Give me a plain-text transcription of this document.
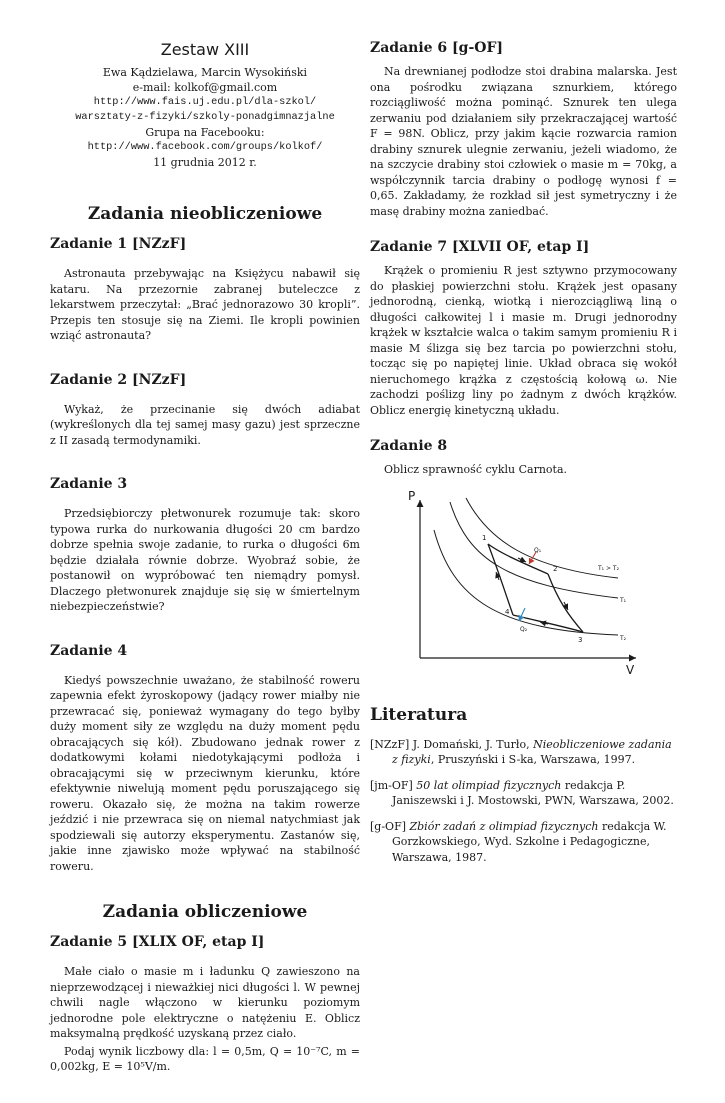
Zestaw XIII
Ewa Kądzielawa, Marcin Wysokiński
e-mail: kolkof@gmail.com
http://www.fais.uj.edu.pl/dla-szkol/
warsztaty-z-fizyki/szkoly-ponadgimnazjalne
Grupa na Facebooku:
http://www.facebook.com/groups/kolkof/
11 grudnia 2012 r.
Zadania nieobliczeniowe
Zadanie 1 [NZzF]

Astronauta przebywając na Księżycu nabawił się kataru. Na przezornie zabranej buteleczce z lekarstwem przeczytał: „Brać jednorazowo 30 kropli”. Przepis ten stosuje się na Ziemi. Ile kropli powinien wziąć astronauta?

Zadanie 2 [NZzF]

Wykaż, że przecinanie się dwóch adiabat (wykreślonych dla tej samej masy gazu) jest sprzeczne z II zasadą termodynamiki.

Zadanie 3

Przedsiębiorczy płetwonurek rozumuje tak: skoro typowa rurka do nurkowania długości 20 cm bardzo dobrze spełnia swoje zadanie, to rurka o długości 6m będzie działała równie dobrze. Wyobraź sobie, że postanowił on wypróbować ten niemądry pomysł. Dlaczego płetwonurek znajduje się się w śmiertelnym niebezpieczeństwie?

Zadanie 4

Kiedyś powszechnie uważano, że stabilność roweru zapewnia efekt żyroskopowy (jadący rower miałby nie przewracać się, ponieważ wymagany do tego byłby duży moment siły ze względu na duży moment pędu obracających się kół). Zbudowano jednak rower z dodatkowymi kołami niedotykającymi podłoża i obracającymi się w przeciwnym kierunku, które efektywnie niwelują moment pędu poruszającego się roweru. Okazało się, że można na takim rowerze jeździć i nie przewraca się on niemal natychmiast jak spodziewali się autorzy eksperymentu. Zastanów się, jakie inne zjawisko może wpływać na stabilność roweru.

Zadania obliczeniowe
Zadanie 5 [XLIX OF, etap I]

Małe ciało o masie m i ładunku Q zawieszono na nieprzewodzącej i nieważkiej nici długości l. W pewnej chwili nagle włączono w kierunku poziomym jednorodne pole elektryczne o natężeniu E. Oblicz maksymalną prędkość uzyskaną przez ciało.

Podaj wynik liczbowy dla: l = 0,5m, Q = 10⁻⁷C, m = 0,002kg, E = 10⁵V/m.

Zadanie 6 [g-OF]

Na drewnianej podłodze stoi drabina malarska. Jest ona pośrodku związana sznurkiem, którego rozciągliwość można pominąć. Sznurek ten ulega zerwaniu pod działaniem siły przekraczającej wartość F = 98N. Oblicz, przy jakim kącie rozwarcia ramion drabiny sznurek ulegnie zerwaniu, jeżeli wiadomo, że na szczycie drabiny stoi człowiek o masie m = 70kg, a współczynnik tarcia drabiny o podłogę wynosi f = 0,65. Zakładamy, że rozkład sił jest symetryczny i że masę drabiny można zaniedbać.

Zadanie 7 [XLVII OF, etap I]

Krążek o promieniu R jest sztywno przymocowany do płaskiej powierzchni stołu. Krążek jest opasany jednorodną, cienką, wiotką i nierozciągliwą liną o długości całkowitej l i masie m. Drugi jednorodny krążek w kształcie walca o takim samym promieniu R i masie M ślizga się bez tarcia po powierzchni stołu, tocząc się po napiętej linie. Układ obraca się wokół nieruchomego krążka z częstością kołową ω. Nie zachodzi poślizg liny po żadnym z dwóch krążków. Oblicz energię kinetyczną układu.

Zadanie 8

Oblicz sprawność cyklu Carnota.

P
V
1
2
3
4
Q₁
Q₂
T₁ > T₂
T₁
T₂
Literatura
[NZzF] J. Domański, J. Turło, Nieobliczeniowe zadania z fizyki, Pruszyński i S-ka, Warszawa, 1997.
[jm-OF] 50 lat olimpiad fizycznych redakcja P. Janiszewski i J. Mostowski, PWN, Warszawa, 2002.
[g-OF] Zbiór zadań z olimpiad fizycznych redakcja W. Gorzkowskiego, Wyd. Szkolne i Pedagogiczne, Warszawa, 1987.
